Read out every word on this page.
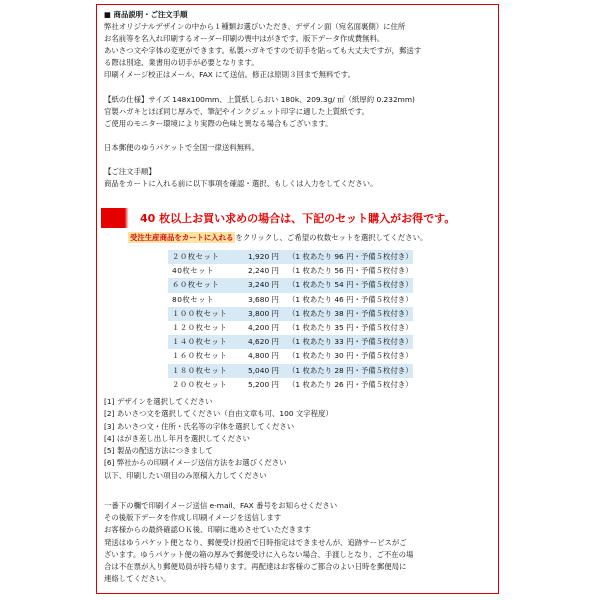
■ 商品説明・ご注文手順
弊社オリジナルデザインの中から１種類お選びいただき、デザイン面（宛名面裏側）に住所
お名前等を名入れ印刷するオーダー印刷の喪中はがきです。版下データ作成費無料。
あいさつ文や字体の変更ができます。私製ハガキですので切手を貼っても大丈夫ですが，郵送す
る際は別途、業書用の切手が必要となります。
印刷イメージ校正はメール、FAX にて送信。修正は原則３回まで無料です。
【紙の仕様】サイズ 148x100mm、上質紙しらおい 180k、209.3g/ ㎡（紙厚約 0.232mm)
官製ハガキとほぼ同じ厚みで、筆記やインクジェット印字に適した上質紙です。
ご使用のモニター環境により実際の色味と異なる場合もございます。
日本郵便のゆうパケットで全国一律送料無料。
【ご注文手順】
商品をカートに入れる前に以下事項を確認・選択、もしくは入力をしてください。
40 枚以上お買い求めの場合は、下記のセット購入がお得です。
受注生産商品をカートに入れる をクリックし、ご希望の枚数セットを選択してください。
２０枚セット	1,920 円 （1 枚あたり 96 円・予備５枚付き）
40枚セット	2,240 円 （1 枚あたり 56 円・予備５枚付き）
６０枚セット	3,240 円 （1 枚あたり 54 円・予備５枚付き）
80枚セット	3,680 円 （1 枚あたり 46 円・予備５枚付き）
１００枚セット	3,800 円 （1 枚あたり 38 円・予備５枚付き）
１２０枚セット	4,200 円 （1 枚あたり 35 円・予備５枚付き）
１４０枚セット	4,620 円 （1 枚あたり 33 円・予備５枚付き）
１６０枚セット	4,800 円 （1 枚あたり 30 円・予備５枚付き）
１８０枚セット	5,040 円 （1 枚あたり 28 円・予備５枚付き）
２００枚セット	5,200 円 （1 枚あたり 26 円・予備５枚付き）
[1] デザインを選択してください
[2] あいさつ文を選択してください（自由文章も可、100 文字程度）
[3] あいさつ文・住所・氏名等の字体を選択してください
[4] はがき差し出し年月を選択してください
[5] 製品の配送方法につきまして
[6] 弊社からの印刷イメージ送信方法をお選びください
以下、印刷したい項目のみ原稿入力してください
一番下の欄で印刷イメージ送信 e-mail、FAX 番号をお知らせください
その後版下データを作成し印刷イメージを送信します
お客様からの最終確認ＯＫ後、印刷に進めさせていただきます
発送はゆうパケット便となり、郵便受け投函で日時指定はできませんが、追跡サービスがご
ざいます。ゆうパケット便の箱の厚みで郵便受けに入らない場合、手渡しとなり、ご不在の場
合は不在票が入り郵便局員が持ち帰ります。再配達はお客様のご都合のよい日時を郵便局に
連絡してください。
